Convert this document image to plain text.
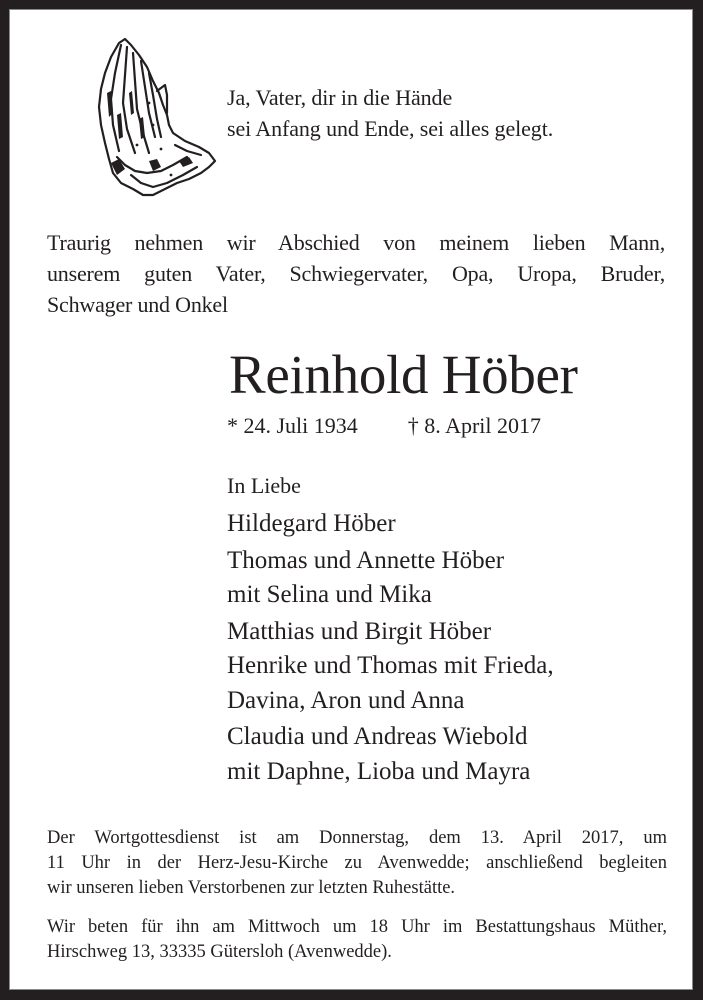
Ja, Vater, dir in die Hände
sei Anfang und Ende, sei alles gelegt.
Traurig nehmen wir Abschied von meinem lieben Mann,
unserem guten Vater, Schwiegervater, Opa, Uropa, Bruder,
Schwager und Onkel
Reinhold Höber
* 24. Juli 1934 † 8. April 2017
In Liebe
Hildegard Höber
Thomas und Annette Höber
mit Selina und Mika
Matthias und Birgit Höber
Henrike und Thomas mit Frieda,
Davina, Aron und Anna
Claudia und Andreas Wiebold
mit Daphne, Lioba und Mayra
Der Wortgottesdienst ist am Donnerstag, dem 13. April 2017, um
11 Uhr in der Herz-Jesu-Kirche zu Avenwedde; anschließend begleiten
wir unseren lieben Verstorbenen zur letzten Ruhestätte.
Wir beten für ihn am Mittwoch um 18 Uhr im Bestattungshaus Müther,
Hirschweg 13, 33335 Gütersloh (Avenwedde).
